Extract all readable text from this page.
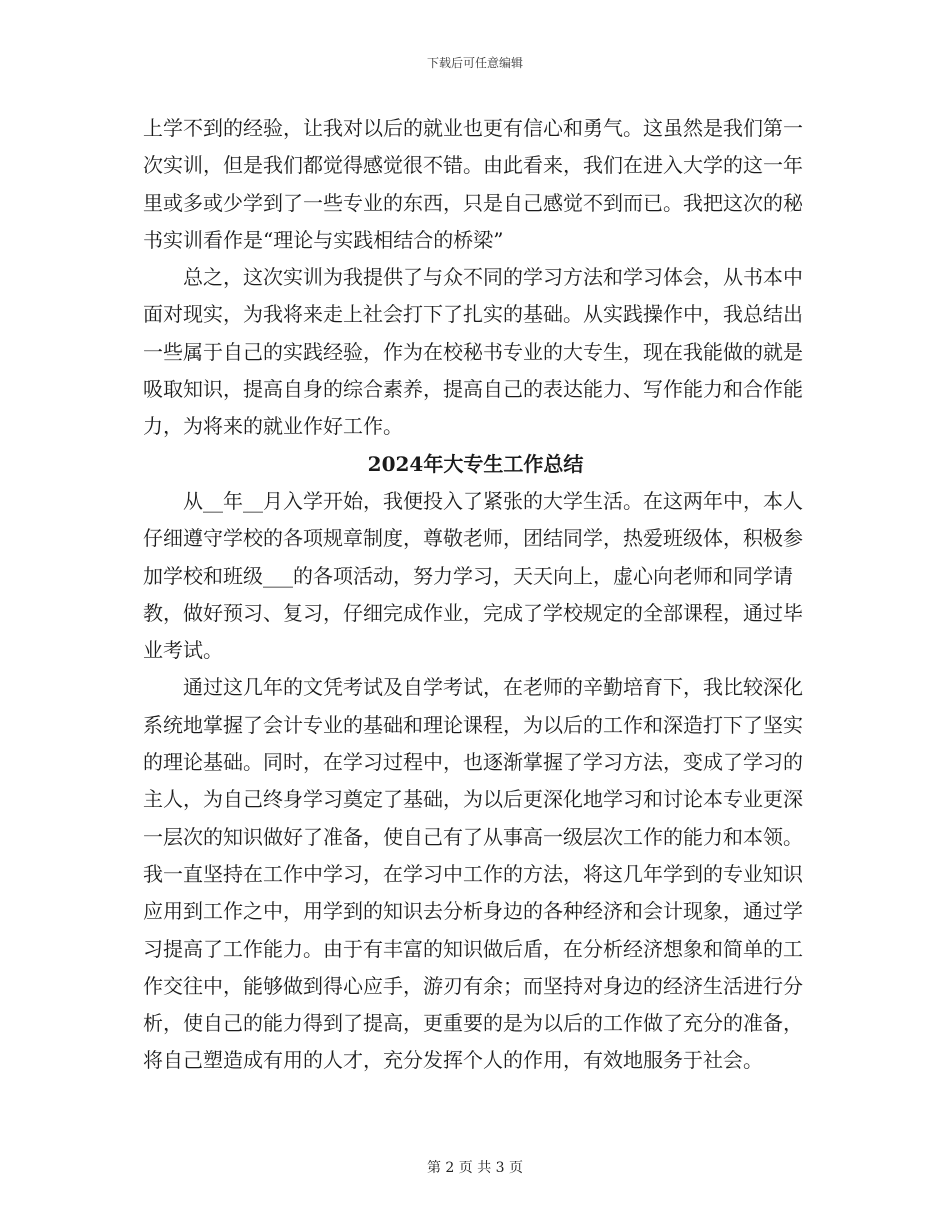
下载后可任意编辑

上学不到的经验，让我对以后的就业也更有信心和勇气。这虽然是我们第一次实训，但是我们都觉得感觉很不错。由此看来，我们在进入大学的这一年里或多或少学到了一些专业的东西，只是自己感觉不到而已。我把这次的秘书实训看作是“理论与实践相结合的桥梁”

总之，这次实训为我提供了与众不同的学习方法和学习体会，从书本中面对现实，为我将来走上社会打下了扎实的基础。从实践操作中，我总结出一些属于自己的实践经验，作为在校秘书专业的大专生，现在我能做的就是吸取知识，提高自身的综合素养，提高自己的表达能力、写作能力和合作能力，为将来的就业作好工作。

2024年大专生工作总结

从__年__月入学开始，我便投入了紧张的大学生活。在这两年中，本人仔细遵守学校的各项规章制度，尊敬老师，团结同学，热爱班级体，积极参加学校和班级___的各项活动，努力学习，天天向上，虚心向老师和同学请教，做好预习、复习，仔细完成作业，完成了学校规定的全部课程，通过毕业考试。

通过这几年的文凭考试及自学考试，在老师的辛勤培育下，我比较深化系统地掌握了会计专业的基础和理论课程，为以后的工作和深造打下了坚实的理论基础。同时，在学习过程中，也逐渐掌握了学习方法，变成了学习的主人，为自己终身学习奠定了基础，为以后更深化地学习和讨论本专业更深一层次的知识做好了准备，使自己有了从事高一级层次工作的能力和本领。我一直坚持在工作中学习，在学习中工作的方法，将这几年学到的专业知识应用到工作之中，用学到的知识去分析身边的各种经济和会计现象，通过学习提高了工作能力。由于有丰富的知识做后盾，在分析经济想象和简单的工作交往中，能够做到得心应手，游刃有余；而坚持对身边的经济生活进行分析，使自己的能力得到了提高，更重要的是为以后的工作做了充分的准备，将自己塑造成有用的人才，充分发挥个人的作用，有效地服务于社会。

第 2 页 共 3 页
